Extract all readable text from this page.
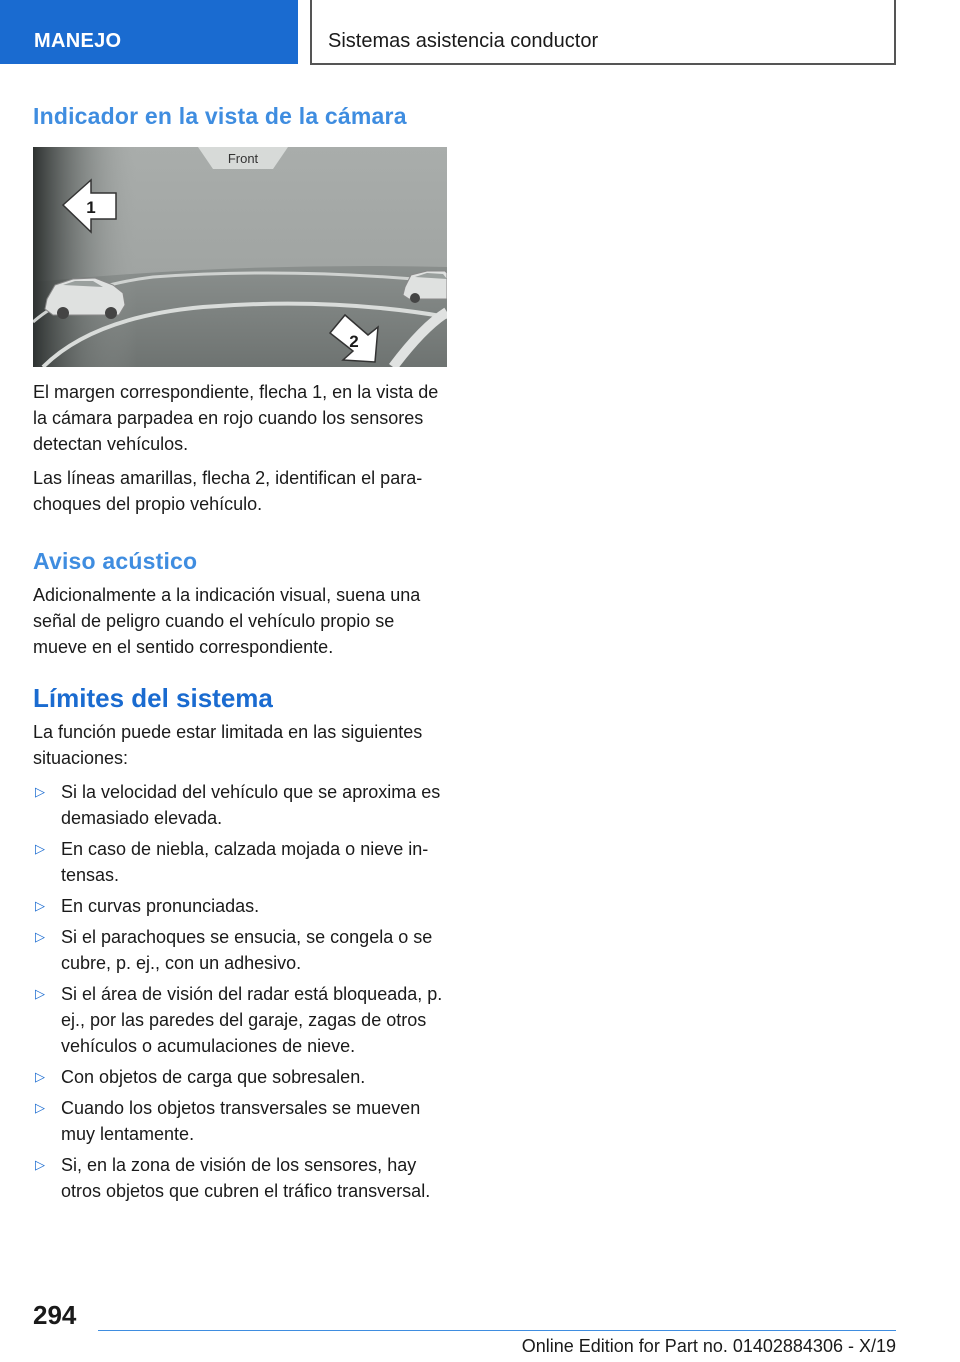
MANEJO	Sistemas asistencia conductor
Indicador en la vista de la cámara
Front
1
2

El margen correspondiente, flecha 1, en la vista de la cámara parpadea en rojo cuando los sensores detectan vehículos.

Las líneas amarillas, flecha 2, identifican el parachoques del propio vehículo.

Aviso acústico

Adicionalmente a la indicación visual, suena una señal de peligro cuando el vehículo propio se mueve en el sentido correspondiente.

Límites del sistema

La función puede estar limitada en las siguientes situaciones:

▷ Si la velocidad del vehículo que se aproxima es demasiado elevada.
▷ En caso de niebla, calzada mojada o nieve intensas.
▷ En curvas pronunciadas.
▷ Si el parachoques se ensucia, se congela o se cubre, p. ej., con un adhesivo.
▷ Si el área de visión del radar está bloqueada, p. ej., por las paredes del garaje, zagas de otros vehículos o acumulaciones de nieve.
▷ Con objetos de carga que sobresalen.
▷ Cuando los objetos transversales se mueven muy lentamente.
▷ Si, en la zona de visión de los sensores, hay otros objetos que cubren el tráfico transversal.
294
Online Edition for Part no. 01402884306 - X/19
